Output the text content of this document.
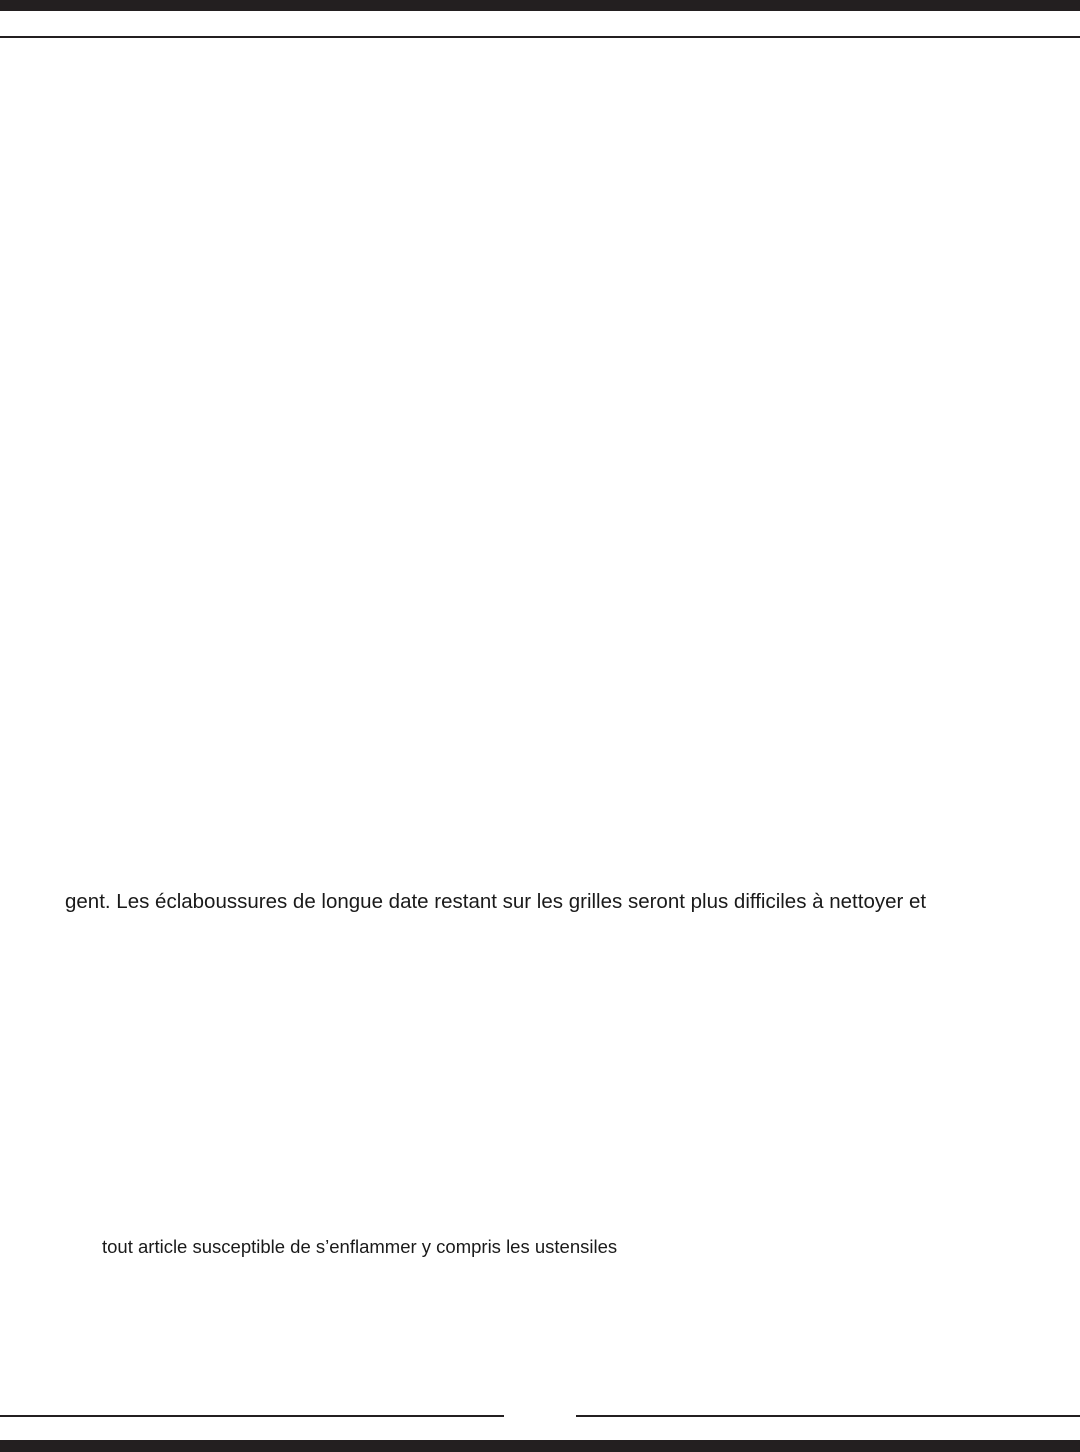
gent. Les éclaboussures de longue date restant sur les grilles seront plus difficiles à nettoyer et
tout article susceptible de s’enflammer y compris les ustensiles
